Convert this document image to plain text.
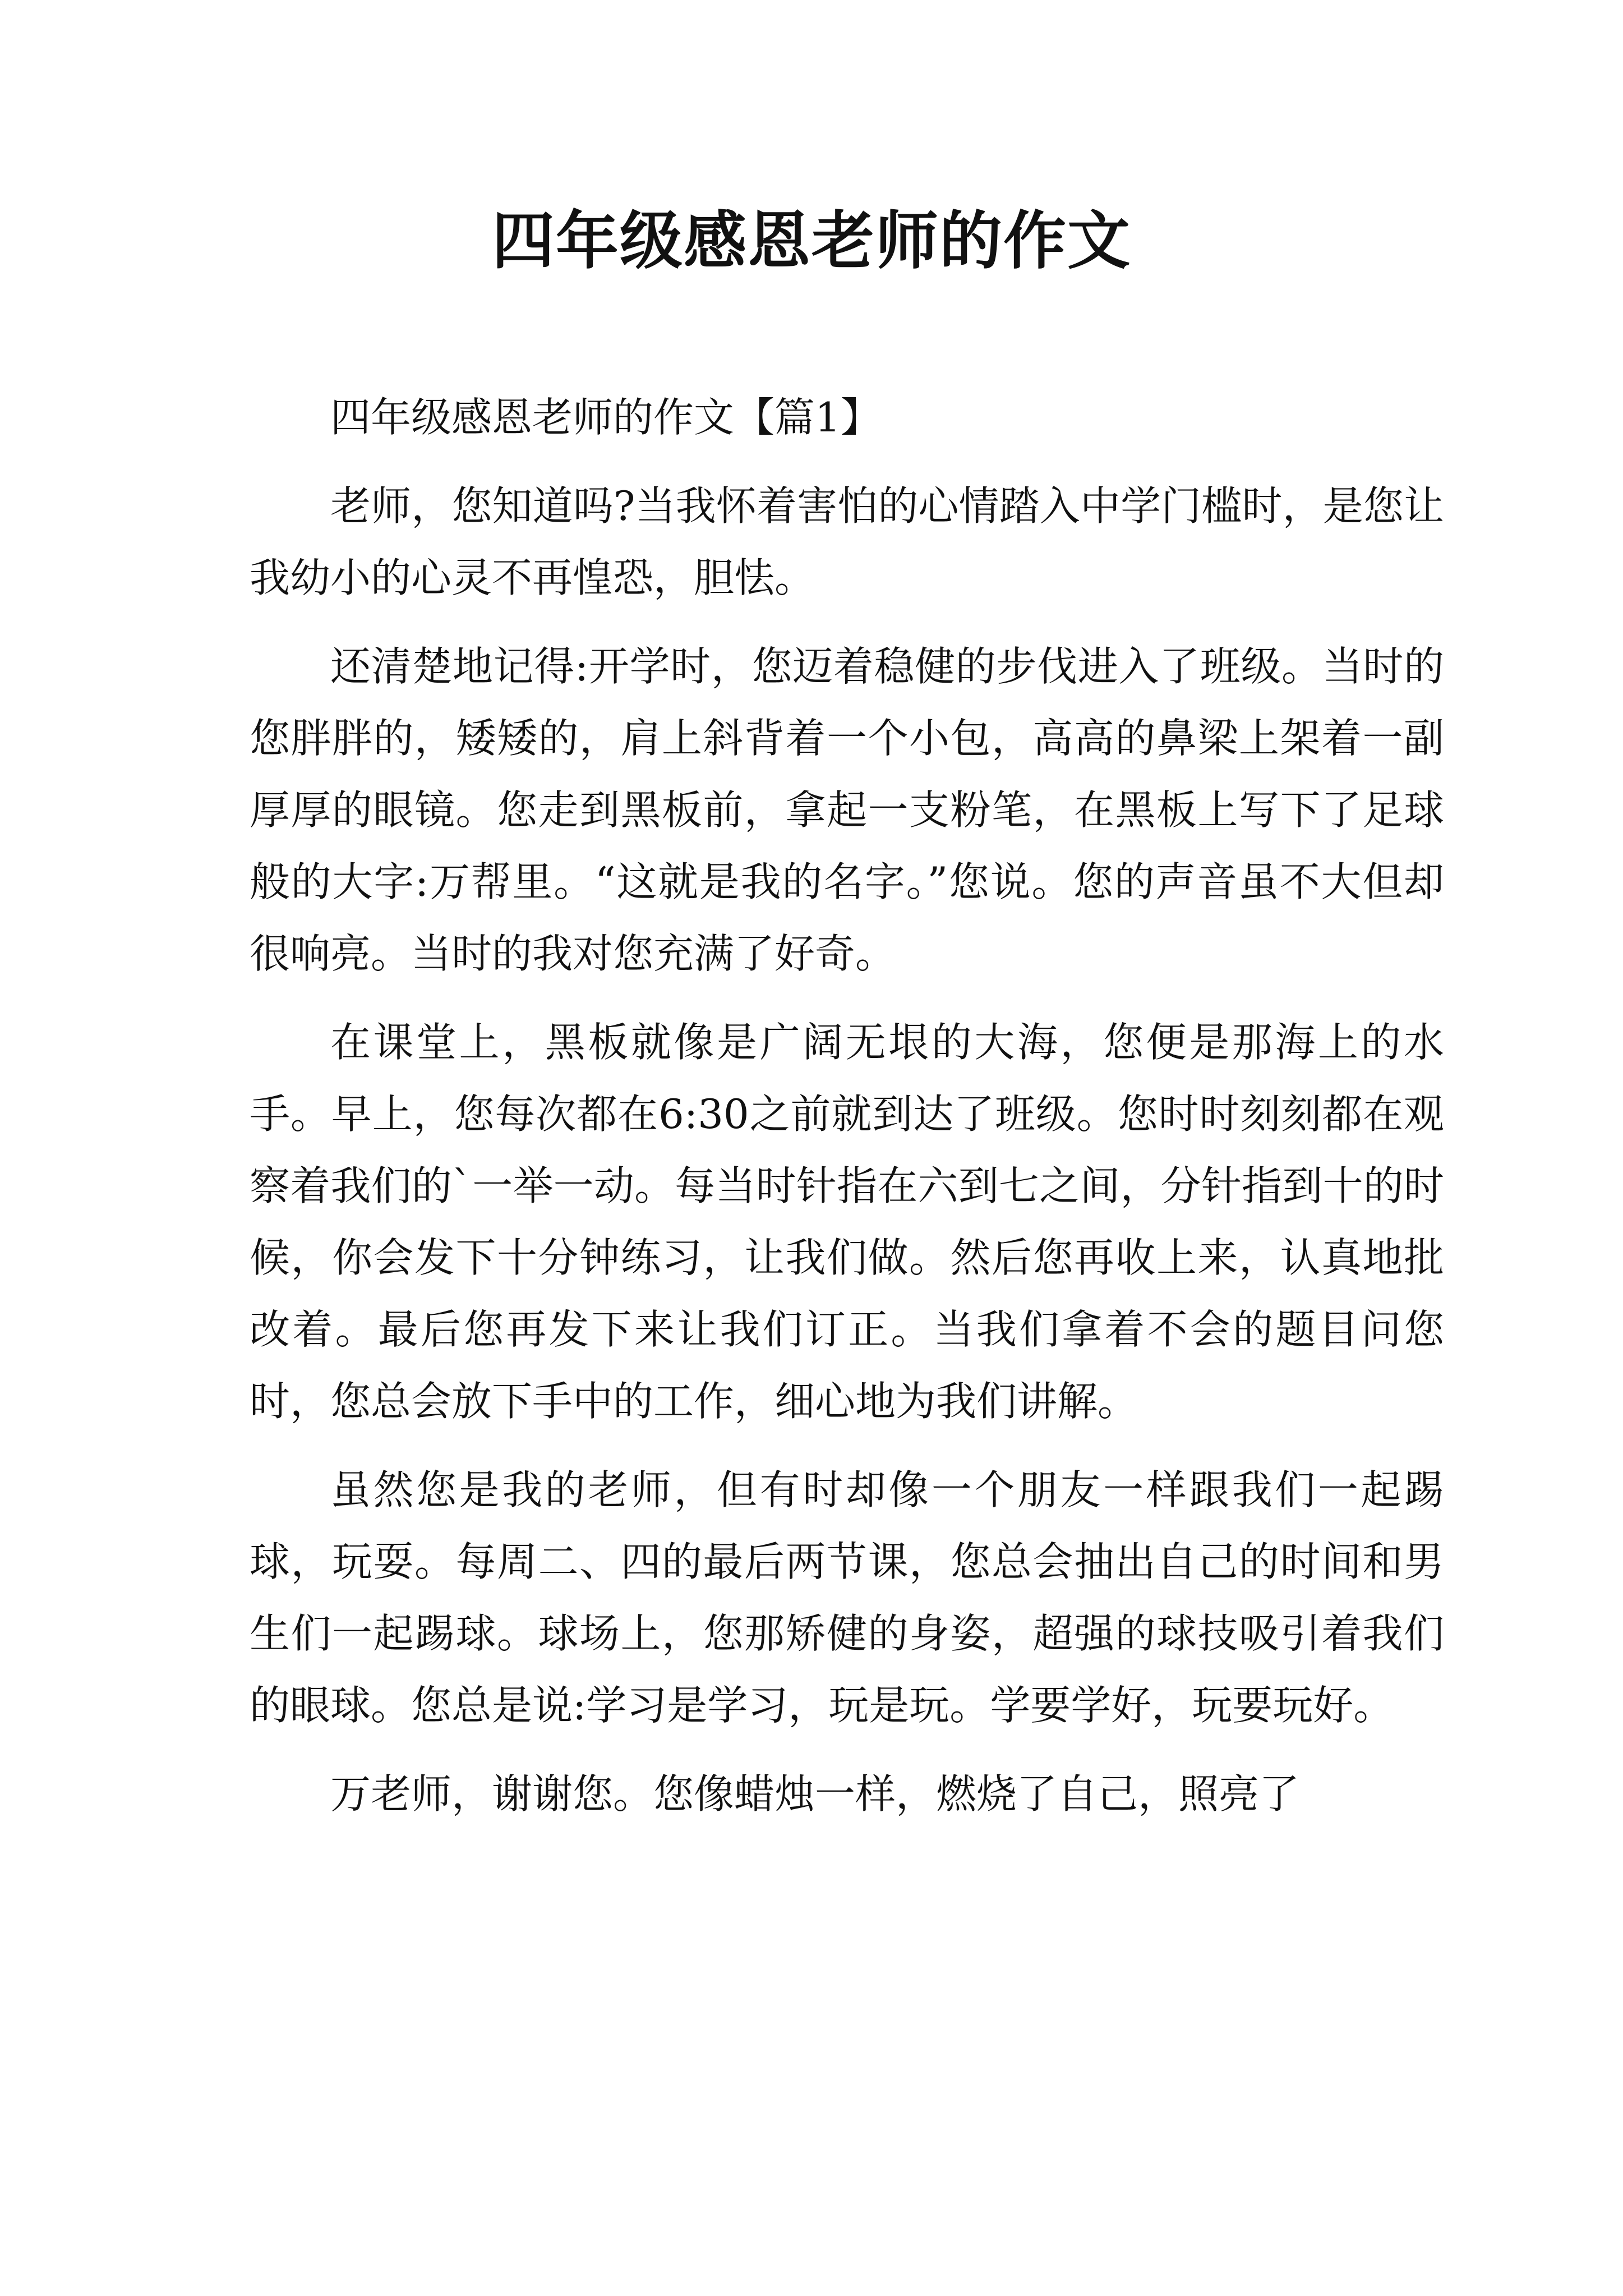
四年级感恩老师的作文

四年级感恩老师的作文【篇1】

老师，您知道吗?当我怀着害怕的心情踏入中学门槛时，是您让我幼小的心灵不再惶恐，胆怯。

还清楚地记得:开学时，您迈着稳健的步伐进入了班级。当时的您胖胖的，矮矮的，肩上斜背着一个小包，高高的鼻梁上架着一副厚厚的眼镜。您走到黑板前，拿起一支粉笔，在黑板上写下了足球般的大字:万帮里。“这就是我的名字。”您说。您的声音虽不大但却很响亮。当时的我对您充满了好奇。

在课堂上，黑板就像是广阔无垠的大海，您便是那海上的水手。早上，您每次都在6:30之前就到达了班级。您时时刻刻都在观察着我们的`一举一动。每当时针指在六到七之间，分针指到十的时候，你会发下十分钟练习，让我们做。然后您再收上来，认真地批改着。最后您再发下来让我们订正。当我们拿着不会的题目问您时，您总会放下手中的工作，细心地为我们讲解。

虽然您是我的老师，但有时却像一个朋友一样跟我们一起踢球，玩耍。每周二、四的最后两节课，您总会抽出自己的时间和男生们一起踢球。球场上，您那矫健的身姿，超强的球技吸引着我们的眼球。您总是说:学习是学习，玩是玩。学要学好，玩要玩好。

万老师，谢谢您。您像蜡烛一样，燃烧了自己，照亮了
